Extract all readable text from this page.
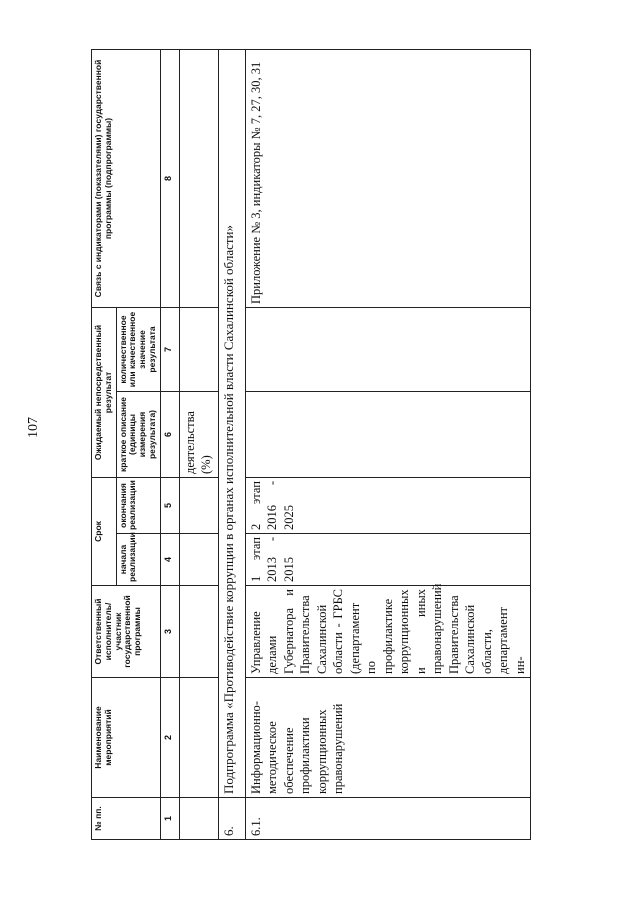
107
№ пп.	Наименование мероприятий	Ответственный исполнитель/ участник государственной программы	Срок		Ожидаемый непосредственный результат		Связь с индикаторами (показателями) государственной программы (подпрограммы)
			начала реализации	окончания реализации	краткое описание (единицы измерения результата)	количественное или качественное значение результата	
1	2	3	4	5	6	7	8
					деятельства (%)		
6.	Подпрограмма «Противодействие коррупции в органах исполнительной власти Сахалинской области»						
6.1.	Информационно-методическое обеспечение профилактики коррупционных правонарушений	Управление делами Губернатора и Правительства Сахалинской области - ГРБС (департамент по профилактике коррупционных и иных правонарушений Правительства Сахалинской области, департамент ин-	1 этап 2013 - 2015	2 этап 2016 - 2025			Приложение № 3, индикаторы № 7, 27, 30, 31
